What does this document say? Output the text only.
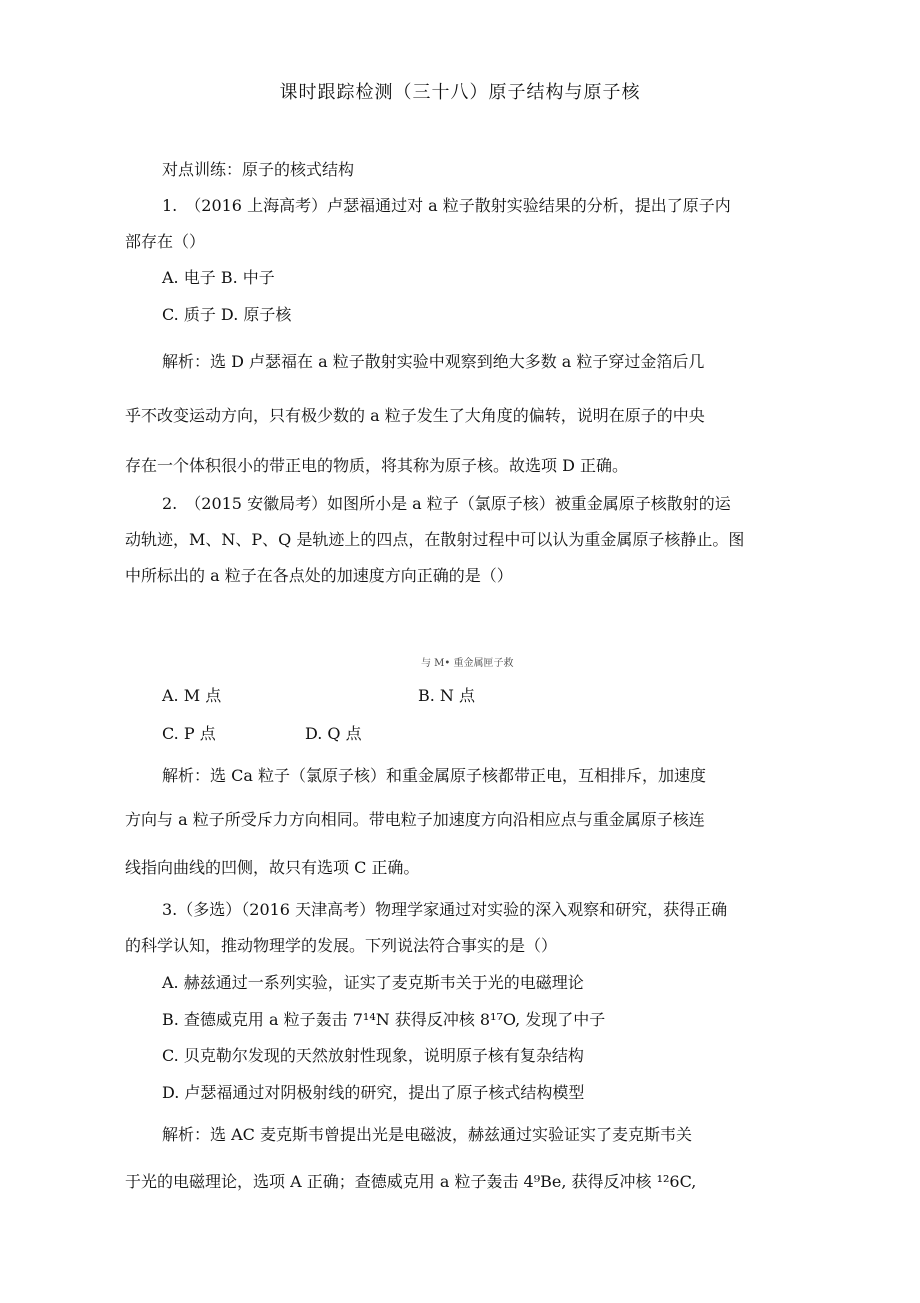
课时跟踪检测（三十八）原子结构与原子核
对点训练：原子的核式结构
1.　（2016 上海高考）卢瑟福通过对 a 粒子散射实验结果的分析，提出了原子内
部存在（）
A. 电子 B. 中子
C. 质子 D. 原子核
解析：选 D 卢瑟福在 a 粒子散射实验中观察到绝大多数 a 粒子穿过金箔后几
乎不改变运动方向，只有极少数的 a 粒子发生了大角度的偏转，说明在原子的中央
存在一个体积很小的带正电的物质，将其称为原子核。故选项 D 正确。
2.　（2015 安徽局考）如图所小是 a 粒子（氯原子核）被重金属原子核散射的运
动轨迹，M、N、P、Q 是轨迹上的四点，在散射过程中可以认为重金属原子核静止。图
中所标出的 a 粒子在各点处的加速度方向正确的是（）
与 M• 重金属匣子救
A. M 点	B. N 点
C. P 点	D. Q 点
解析：选 Ca 粒子（氯原子核）和重金属原子核都带正电，互相排斥，加速度
方向与 a 粒子所受斥力方向相同。带电粒子加速度方向沿相应点与重金属原子核连
线指向曲线的凹侧，故只有选项 C 正确。
3.（多选）（2016 天津高考）物理学家通过对实验的深入观察和研究，获得正确
的科学认知，推动物理学的发展。下列说法符合事实的是（）
A. 赫兹通过一系列实验，证实了麦克斯韦关于光的电磁理论
B. 查德威克用 a 粒子轰击 7¹⁴N 获得反冲核 8¹⁷O, 发现了中子
C. 贝克勒尔发现的天然放射性现象，说明原子核有复杂结构
D. 卢瑟福通过对阴极射线的研究，提出了原子核式结构模型
解析：选 AC 麦克斯韦曾提出光是电磁波，赫兹通过实验证实了麦克斯韦关
于光的电磁理论，选项 A 正确；查德威克用 a 粒子轰击 4⁹Be, 获得反冲核 ¹²6C,
